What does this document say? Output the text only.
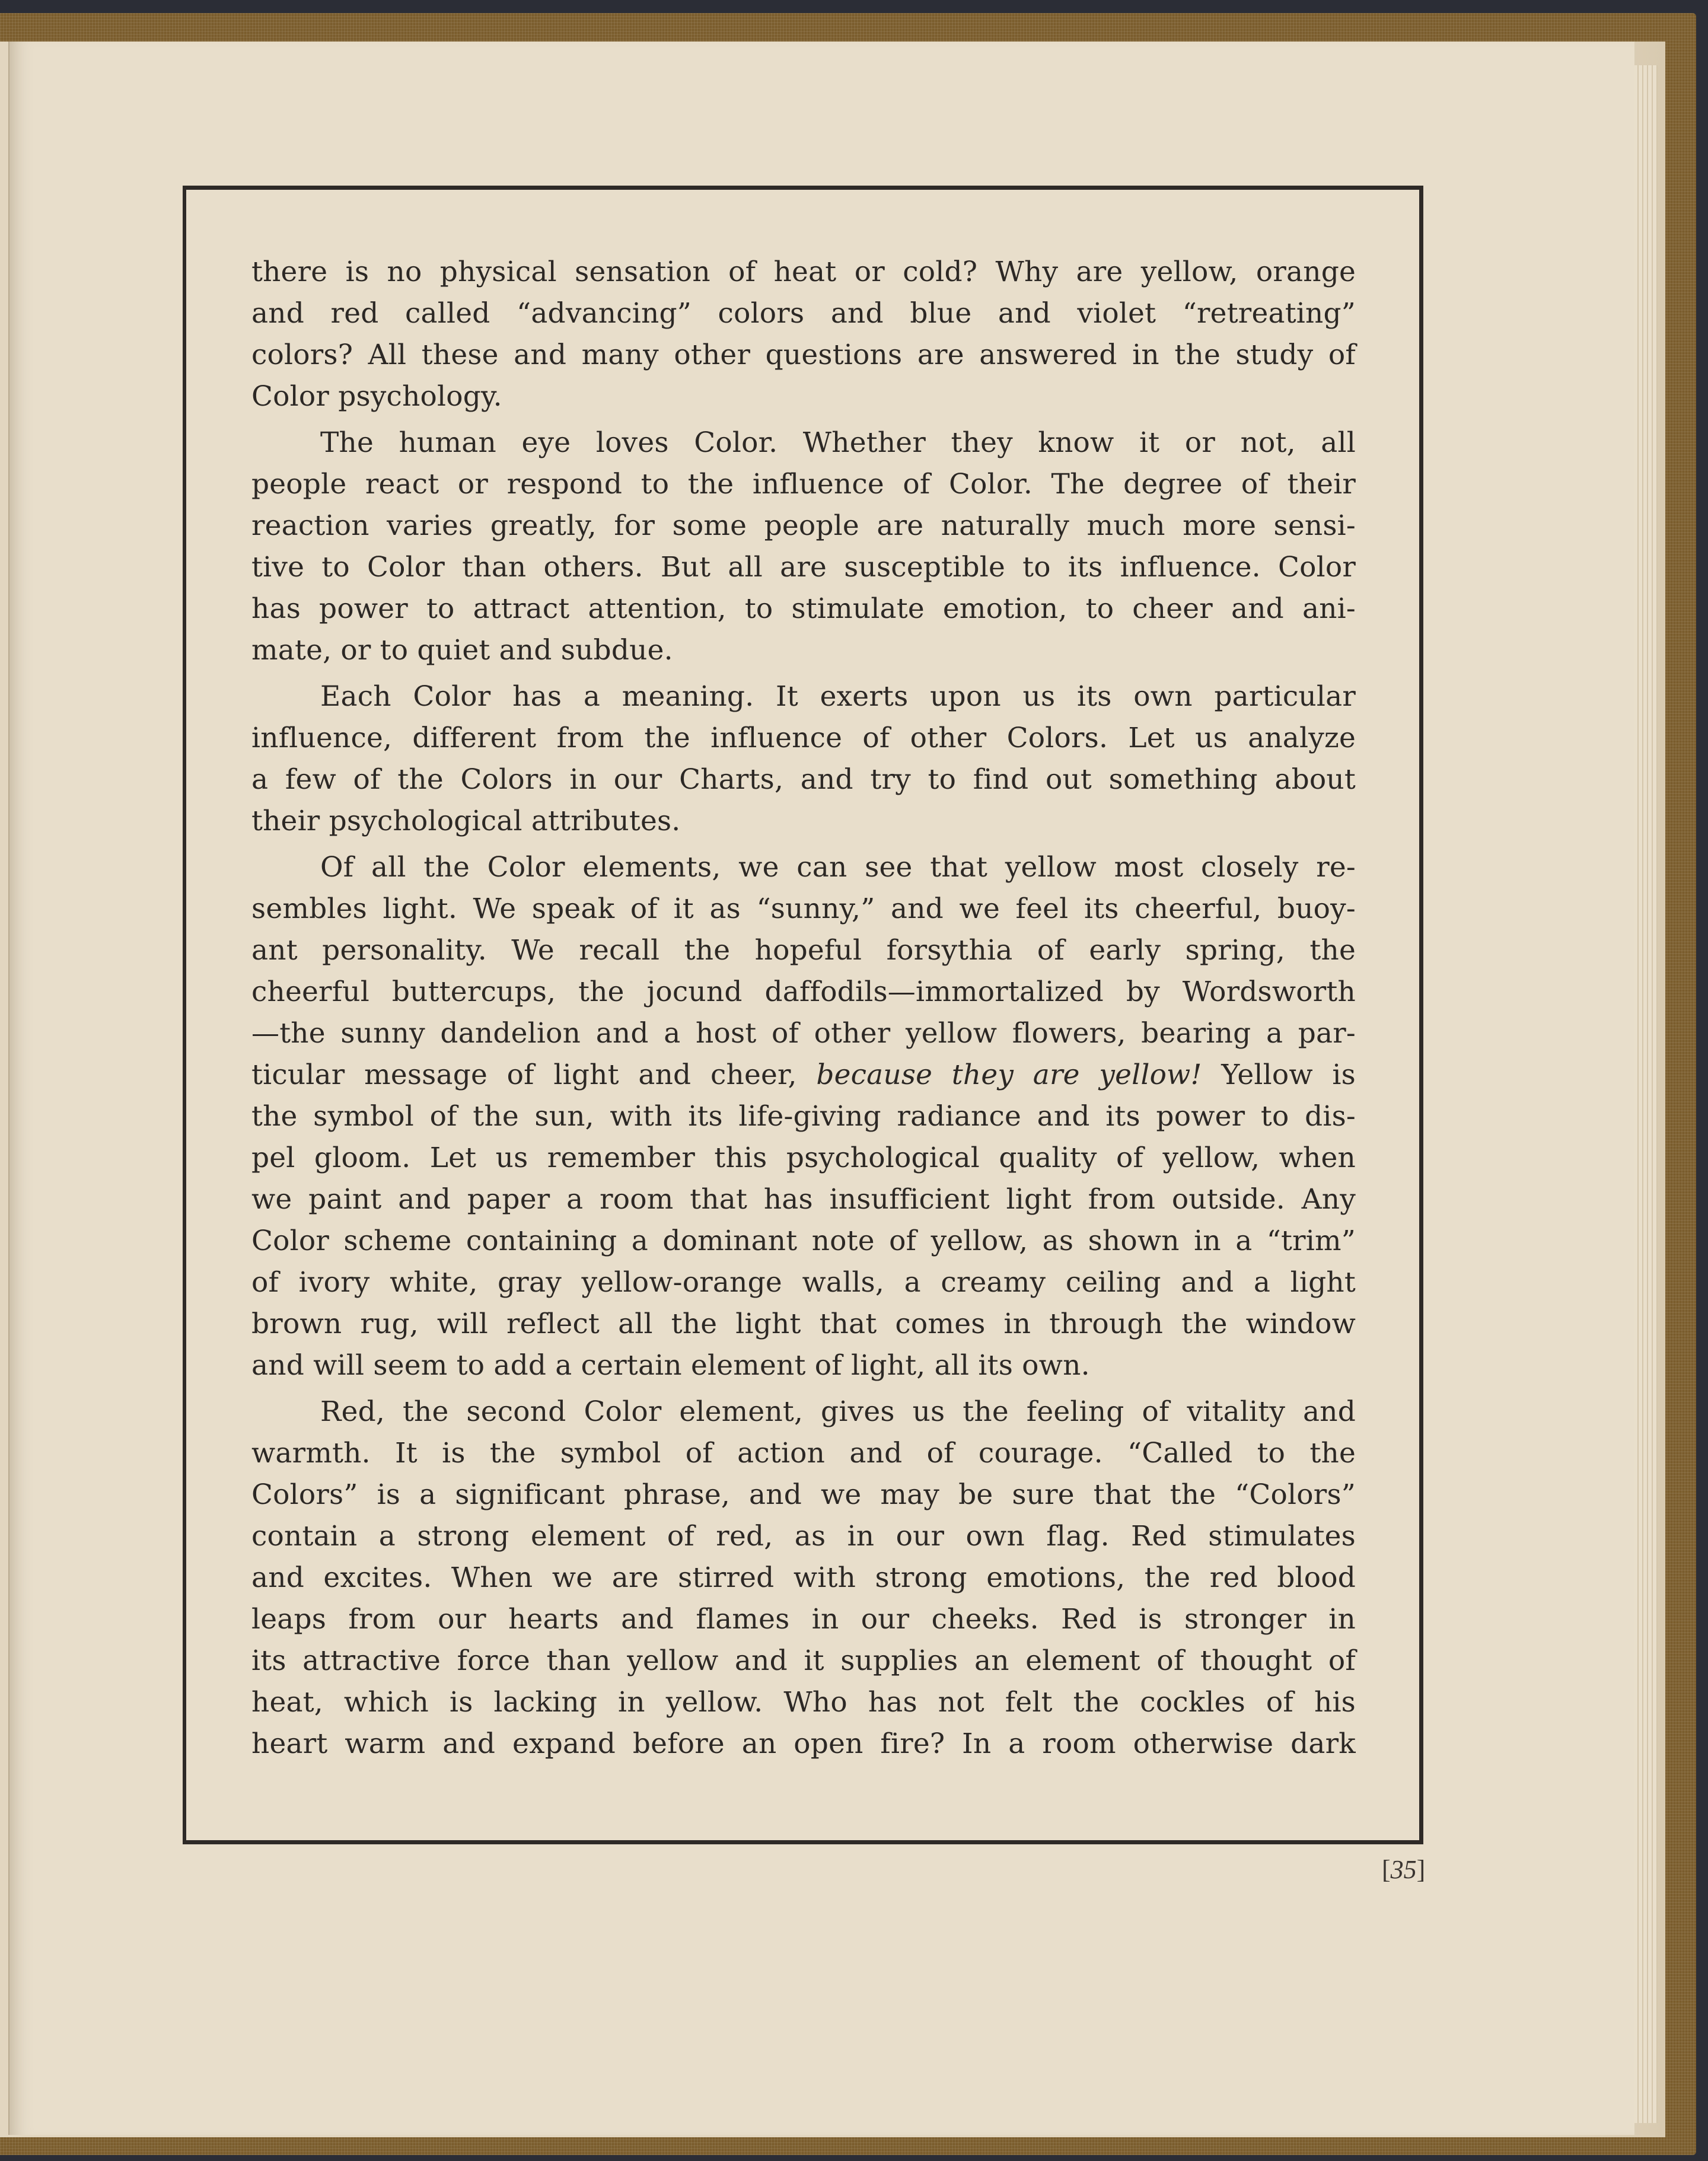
there is no physical sensation of heat or cold? Why are yellow, orange
and red called “advancing” colors and blue and violet “retreating”
colors? All these and many other questions are answered in the study of
Color psychology.
The human eye loves Color. Whether they know it or not, all
people react or respond to the influence of Color. The degree of their
reaction varies greatly, for some people are naturally much more sensi-
tive to Color than others. But all are susceptible to its influence. Color
has power to attract attention, to stimulate emotion, to cheer and ani-
mate, or to quiet and subdue.
Each Color has a meaning. It exerts upon us its own particular
influence, different from the influence of other Colors. Let us analyze
a few of the Colors in our Charts, and try to find out something about
their psychological attributes.
Of all the Color elements, we can see that yellow most closely re-
sembles light. We speak of it as “sunny,” and we feel its cheerful, buoy-
ant personality. We recall the hopeful forsythia of early spring, the
cheerful buttercups, the jocund daffodils—immortalized by Wordsworth
—the sunny dandelion and a host of other yellow flowers, bearing a par-
ticular message of light and cheer, because they are yellow! Yellow is
the symbol of the sun, with its life-giving radiance and its power to dis-
pel gloom. Let us remember this psychological quality of yellow, when
we paint and paper a room that has insufficient light from outside. Any
Color scheme containing a dominant note of yellow, as shown in a “trim”
of ivory white, gray yellow-orange walls, a creamy ceiling and a light
brown rug, will reflect all the light that comes in through the window
and will seem to add a certain element of light, all its own.
Red, the second Color element, gives us the feeling of vitality and
warmth. It is the symbol of action and of courage. “Called to the
Colors” is a significant phrase, and we may be sure that the “Colors”
contain a strong element of red, as in our own flag. Red stimulates
and excites. When we are stirred with strong emotions, the red blood
leaps from our hearts and flames in our cheeks. Red is stronger in
its attractive force than yellow and it supplies an element of thought of
heat, which is lacking in yellow. Who has not felt the cockles of his
heart warm and expand before an open fire? In a room otherwise dark
[35]
